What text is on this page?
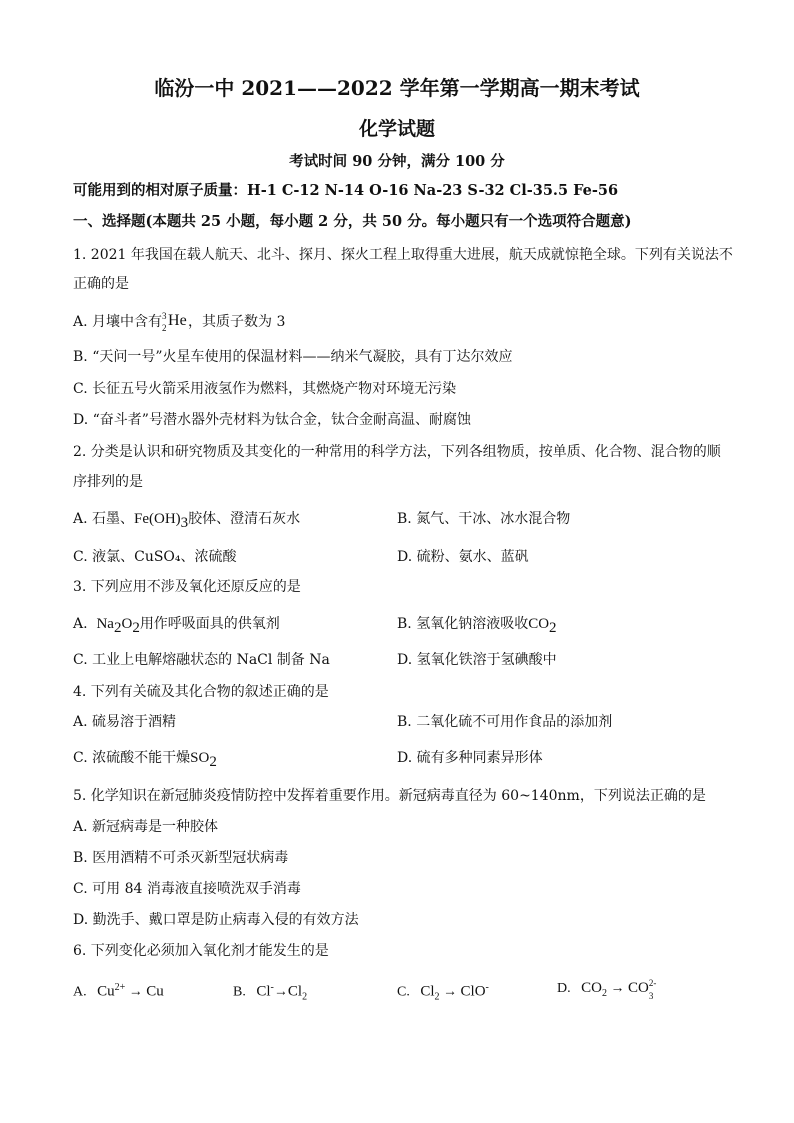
临汾一中 2021——2022 学年第一学期高一期末考试
化学试题
考试时间 90 分钟，满分 100 分
可能用到的相对原子质量：H-1 C-12 N-14 O-16 Na-23 S-32 Cl-35.5 Fe-56
一、选择题(本题共 25 小题，每小题 2 分，共 50 分。每小题只有一个选项符合题意)
1. 2021 年我国在载人航天、北斗、探月、探火工程上取得重大进展，航天成就惊艳全球。下列有关说法不
正确的是
A. 月壤中含有 3
2 He ，其质子数为 3
B. “天问一号”火星车使用的保温材料——纳米气凝胶，具有丁达尔效应
C. 长征五号火箭采用液氢作为燃料，其燃烧产物对环境无污染
D. “奋斗者”号潜水器外壳材料为钛合金，钛合金耐高温、耐腐蚀
2. 分类是认识和研究物质及其变化的一种常用的科学方法，下列各组物质，按单质、化合物、混合物的顺
序排列的是
A. 石墨、$Fe(OH)_3$胶体、澄清石灰水	B. 氮气、干冰、冰水混合物
C. 液氯、CuSO₄、浓硫酸	D. 硫粉、氨水、蓝矾
3. 下列应用不涉及氧化还原反应的是
A. $Na_2O_2$用作呼吸面具的供氧剂	B. 氢氧化钠溶液吸收$CO_2$
C. 工业上电解熔融状态的 NaCl 制备 Na	D. 氢氧化铁溶于氢碘酸中
4. 下列有关硫及其化合物的叙述正确的是
A. 硫易溶于酒精	B. 二氧化硫不可用作食品的添加剂
C. 浓硫酸不能干燥$SO_2$	D. 硫有多种同素异形体
5. 化学知识在新冠肺炎疫情防控中发挥着重要作用。新冠病毒直径为 60~140nm，下列说法正确的是
A. 新冠病毒是一种胶体
B. 医用酒精不可杀灭新型冠状病毒
C. 可用 84 消毒液直接喷洗双手消毒
D. 勤洗手、戴口罩是防止病毒入侵的有效方法
6. 下列变化必须加入氧化剂才能发生的是
A. $Cu^{2+} \to Cu$	B. $Cl^-\to Cl_2$	C. $Cl_2 \to ClO^-$	D. $CO_2$ → CO 2-
3
